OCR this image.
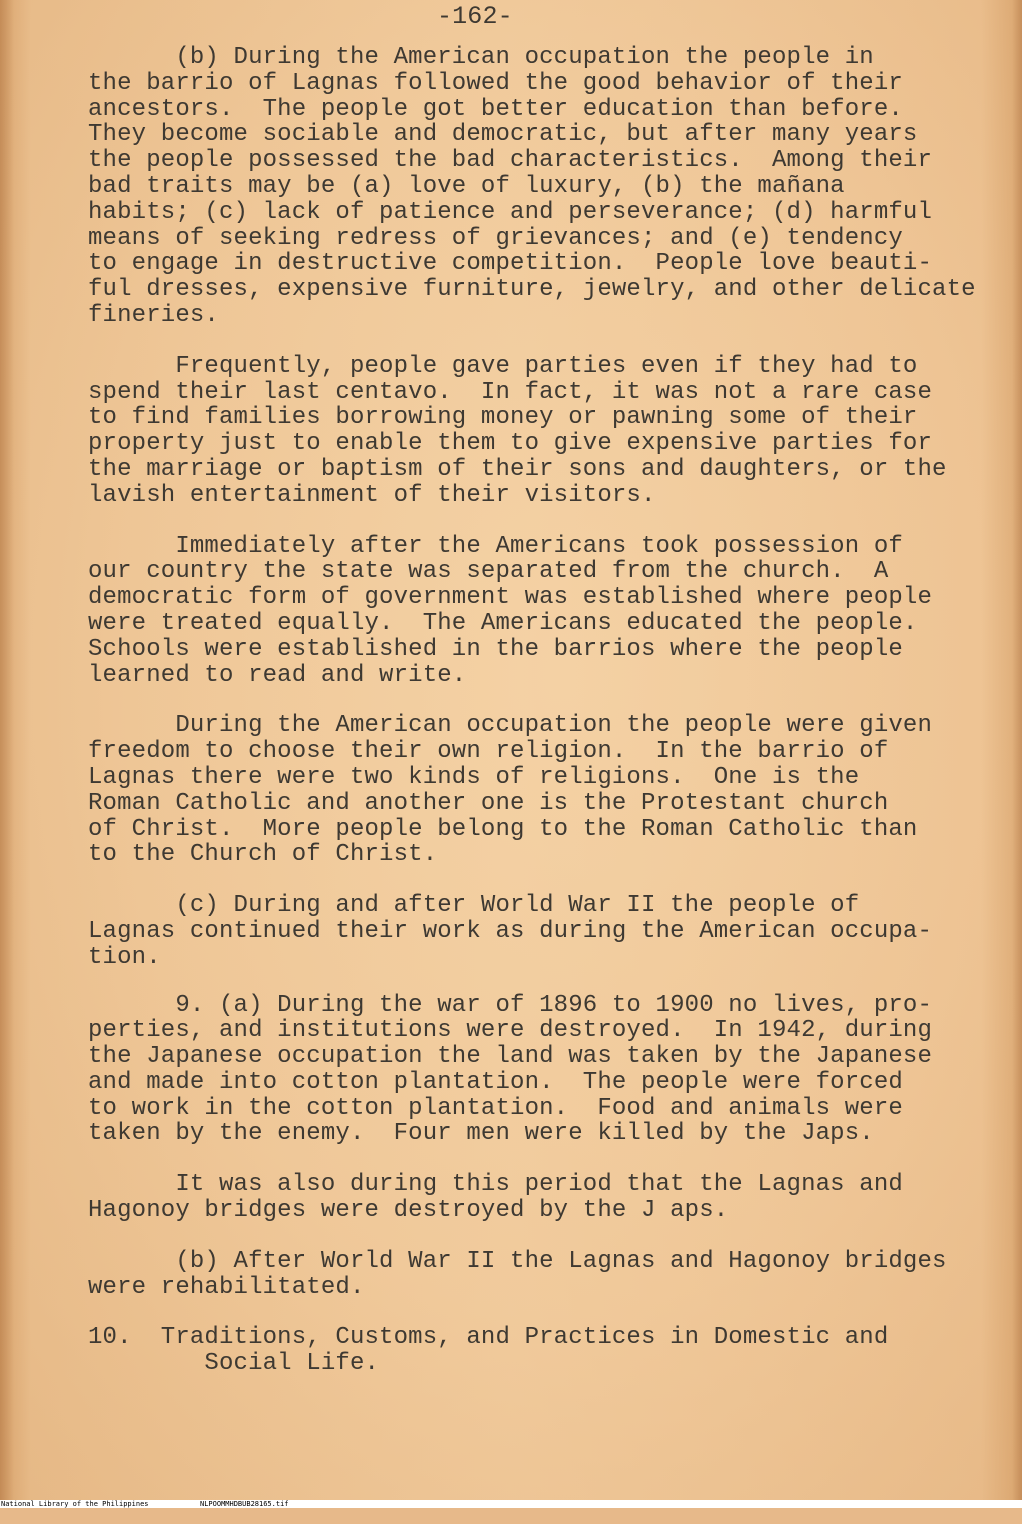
-162-

(b) During the American occupation the people in
the barrio of Lagnas followed the good behavior of their
ancestors.  The people got better education than before.
They become sociable and democratic, but after many years
the people possessed the bad characteristics.  Among their
bad traits may be (a) love of luxury, (b) the mañana
habits; (c) lack of patience and perseverance; (d) harmful
means of seeking redress of grievances; and (e) tendency
to engage in destructive competition.  People love beauti-
ful dresses, expensive furniture, jewelry, and other delicate
fineries.

Frequently, people gave parties even if they had to
spend their last centavo.  In fact, it was not a rare case
to find families borrowing money or pawning some of their
property just to enable them to give expensive parties for
the marriage or baptism of their sons and daughters, or the
lavish entertainment of their visitors.

Immediately after the Americans took possession of
our country the state was separated from the church.  A
democratic form of government was established where people
were treated equally.  The Americans educated the people.
Schools were established in the barrios where the people
learned to read and write.

During the American occupation the people were given
freedom to choose their own religion.  In the barrio of
Lagnas there were two kinds of religions.  One is the
Roman Catholic and another one is the Protestant church
of Christ.  More people belong to the Roman Catholic than
to the Church of Christ.

(c) During and after World War II the people of
Lagnas continued their work as during the American occupa-
tion.

9. (a) During the war of 1896 to 1900 no lives, pro-
perties, and institutions were destroyed.  In 1942, during
the Japanese occupation the land was taken by the Japanese
and made into cotton plantation.  The people were forced
to work in the cotton plantation.  Food and animals were
taken by the enemy.  Four men were killed by the Japs.

It was also during this period that the Lagnas and
Hagonoy bridges were destroyed by the J aps.

(b) After World War II the Lagnas and Hagonoy bridges
were rehabilitated.

10.  Traditions, Customs, and Practices in Domestic and
Social Life.

National Library of the Philippines

	NLPOOMMHDBUB28165.tif
